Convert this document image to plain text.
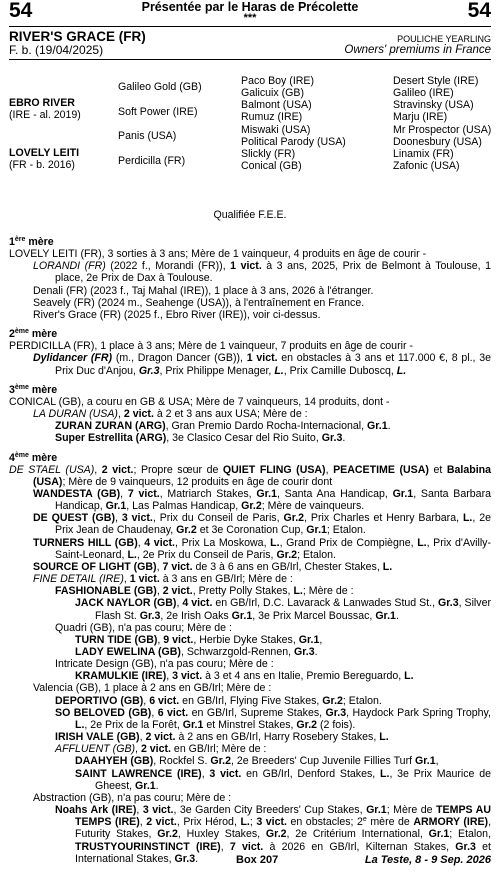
54	Présentée par le Haras de Précolette
***	54
RIVER'S GRACE (FR)	POULICHE YEARLING
F. b. (19/04/2025)	Owners' premiums in France
EBRO RIVER
(IRE - al. 2019)
LOVELY LEITI
(FR - b. 2016)
Galileo Gold (GB)
Soft Power (IRE)
Panis (USA)
Perdicilla (FR)
Paco Boy (IRE)
Galicuix (GB)
Balmont (USA)
Rumuz (IRE)
Miswaki (USA)
Political Parody (USA)
Slickly (FR)
Conical (GB)
Desert Style (IRE)
Galileo (IRE)
Stravinsky (USA)
Marju (IRE)
Mr Prospector (USA)
Doonesbury (USA)
Linamix (FR)
Zafonic (USA)
Qualifiée F.E.E.

1ère mère

LOVELY LEITI (FR), 3 sorties à 3 ans; Mère de 1 vainqueur, 4 produits en âge de courir -

LORANDI (FR) (2022 f., Morandi (FR)), 1 vict. à 3 ans, 2025, Prix de Belmont à Toulouse, 1 place, 2e Prix de Dax à Toulouse.

Denali (FR) (2023 f., Taj Mahal (IRE)), 1 place à 3 ans, 2026 à l'étranger.

Seavely (FR) (2024 m., Seahenge (USA)), à l'entraînement en France.

River's Grace (FR) (2025 f., Ebro River (IRE)), voir ci-dessus.

2ème mère

PERDICILLA (FR), 1 place à 3 ans; Mère de 1 vainqueur, 7 produits en âge de courir -

Dylidancer (FR) (m., Dragon Dancer (GB)), 1 vict. en obstacles à 3 ans et 117.000 €, 8 pl., 3e Prix Duc d'Anjou, Gr.3, Prix Philippe Menager, L., Prix Camille Duboscq, L.

3ème mère

CONICAL (GB), a couru en GB & USA; Mère de 7 vainqueurs, 14 produits, dont -

LA DURAN (USA), 2 vict. à 2 et 3 ans aux USA; Mère de :

ZURAN ZURAN (ARG), Gran Premio Dardo Rocha-Internacional, Gr.1.

Super Estrellita (ARG), 3e Clasico Cesar del Rio Suito, Gr.3.

4ème mère

DE STAEL (USA), 2 vict.; Propre sœur de QUIET FLING (USA), PEACETIME (USA) et Balabina (USA); Mère de 9 vainqueurs, 12 produits en âge de courir dont

WANDESTA (GB), 7 vict., Matriarch Stakes, Gr.1, Santa Ana Handicap, Gr.1, Santa Barbara Handicap, Gr.1, Las Palmas Handicap, Gr.2; Mère de vainqueurs.

DE QUEST (GB), 3 vict., Prix du Conseil de Paris, Gr.2, Prix Charles et Henry Barbara, L., 2e Prix Jean de Chaudenay, Gr.2 et 3e Coronation Cup, Gr.1; Etalon.

TURNERS HILL (GB), 4 vict., Prix La Moskowa, L., Grand Prix de Compiègne, L., Prix d'Avilly-Saint-Leonard, L., 2e Prix du Conseil de Paris, Gr.2; Etalon.

SOURCE OF LIGHT (GB), 7 vict. de 3 à 6 ans en GB/Irl, Chester Stakes, L.

FINE DETAIL (IRE), 1 vict. à 3 ans en GB/Irl; Mère de :

FASHIONABLE (GB), 2 vict., Pretty Polly Stakes, L.; Mère de :

JACK NAYLOR (GB), 4 vict. en GB/Irl, D.C. Lavarack & Lanwades Stud St., Gr.3, Silver Flash St. Gr.3, 2e Irish Oaks Gr.1, 3e Prix Marcel Boussac, Gr.1.

Quadri (GB), n'a pas couru; Mère de :

TURN TIDE (GB), 9 vict., Herbie Dyke Stakes, Gr.1,

LADY EWELINA (GB), Schwarzgold-Rennen, Gr.3.

Intricate Design (GB), n'a pas couru; Mère de :

KRAMULKIE (IRE), 3 vict. à 3 et 4 ans en Italie, Premio Bereguardo, L.

Valencia (GB), 1 place à 2 ans en GB/Irl; Mère de :

DEPORTIVO (GB), 6 vict. en GB/Irl, Flying Five Stakes, Gr.2; Etalon.

SO BELOVED (GB), 6 vict. en GB/Irl, Supreme Stakes, Gr.3, Haydock Park Spring Trophy, L., 2e Prix de la Forêt, Gr.1 et Minstrel Stakes, Gr.2 (2 fois).

IRISH VALE (GB), 2 vict. à 2 ans en GB/Irl, Harry Rosebery Stakes, L.

AFFLUENT (GB), 2 vict. en GB/Irl; Mère de :

DAAHYEH (GB), Rockfel S. Gr.2, 2e Breeders' Cup Juvenile Fillies Turf Gr.1,

SAINT LAWRENCE (IRE), 3 vict. en GB/Irl, Denford Stakes, L., 3e Prix Maurice de Gheest, Gr.1.

Abstraction (GB), n'a pas couru; Mère de :

Noahs Ark (IRE), 3 vict., 3e Garden City Breeders' Cup Stakes, Gr.1; Mère de TEMPS AU TEMPS (IRE), 2 vict., Prix Hérod, L.; 3 vict. en obstacles; 2e mère de ARMORY (IRE), Futurity Stakes, Gr.2, Huxley Stakes, Gr.2, 2e Critérium International, Gr.1; Etalon, TRUSTYOURINSTINCT (IRE), 7 vict. à 2026 en GB/Irl, Kilternan Stakes, Gr.3 et International Stakes, Gr.3.	Box 207	La Teste, 8 - 9 Sep. 2026
